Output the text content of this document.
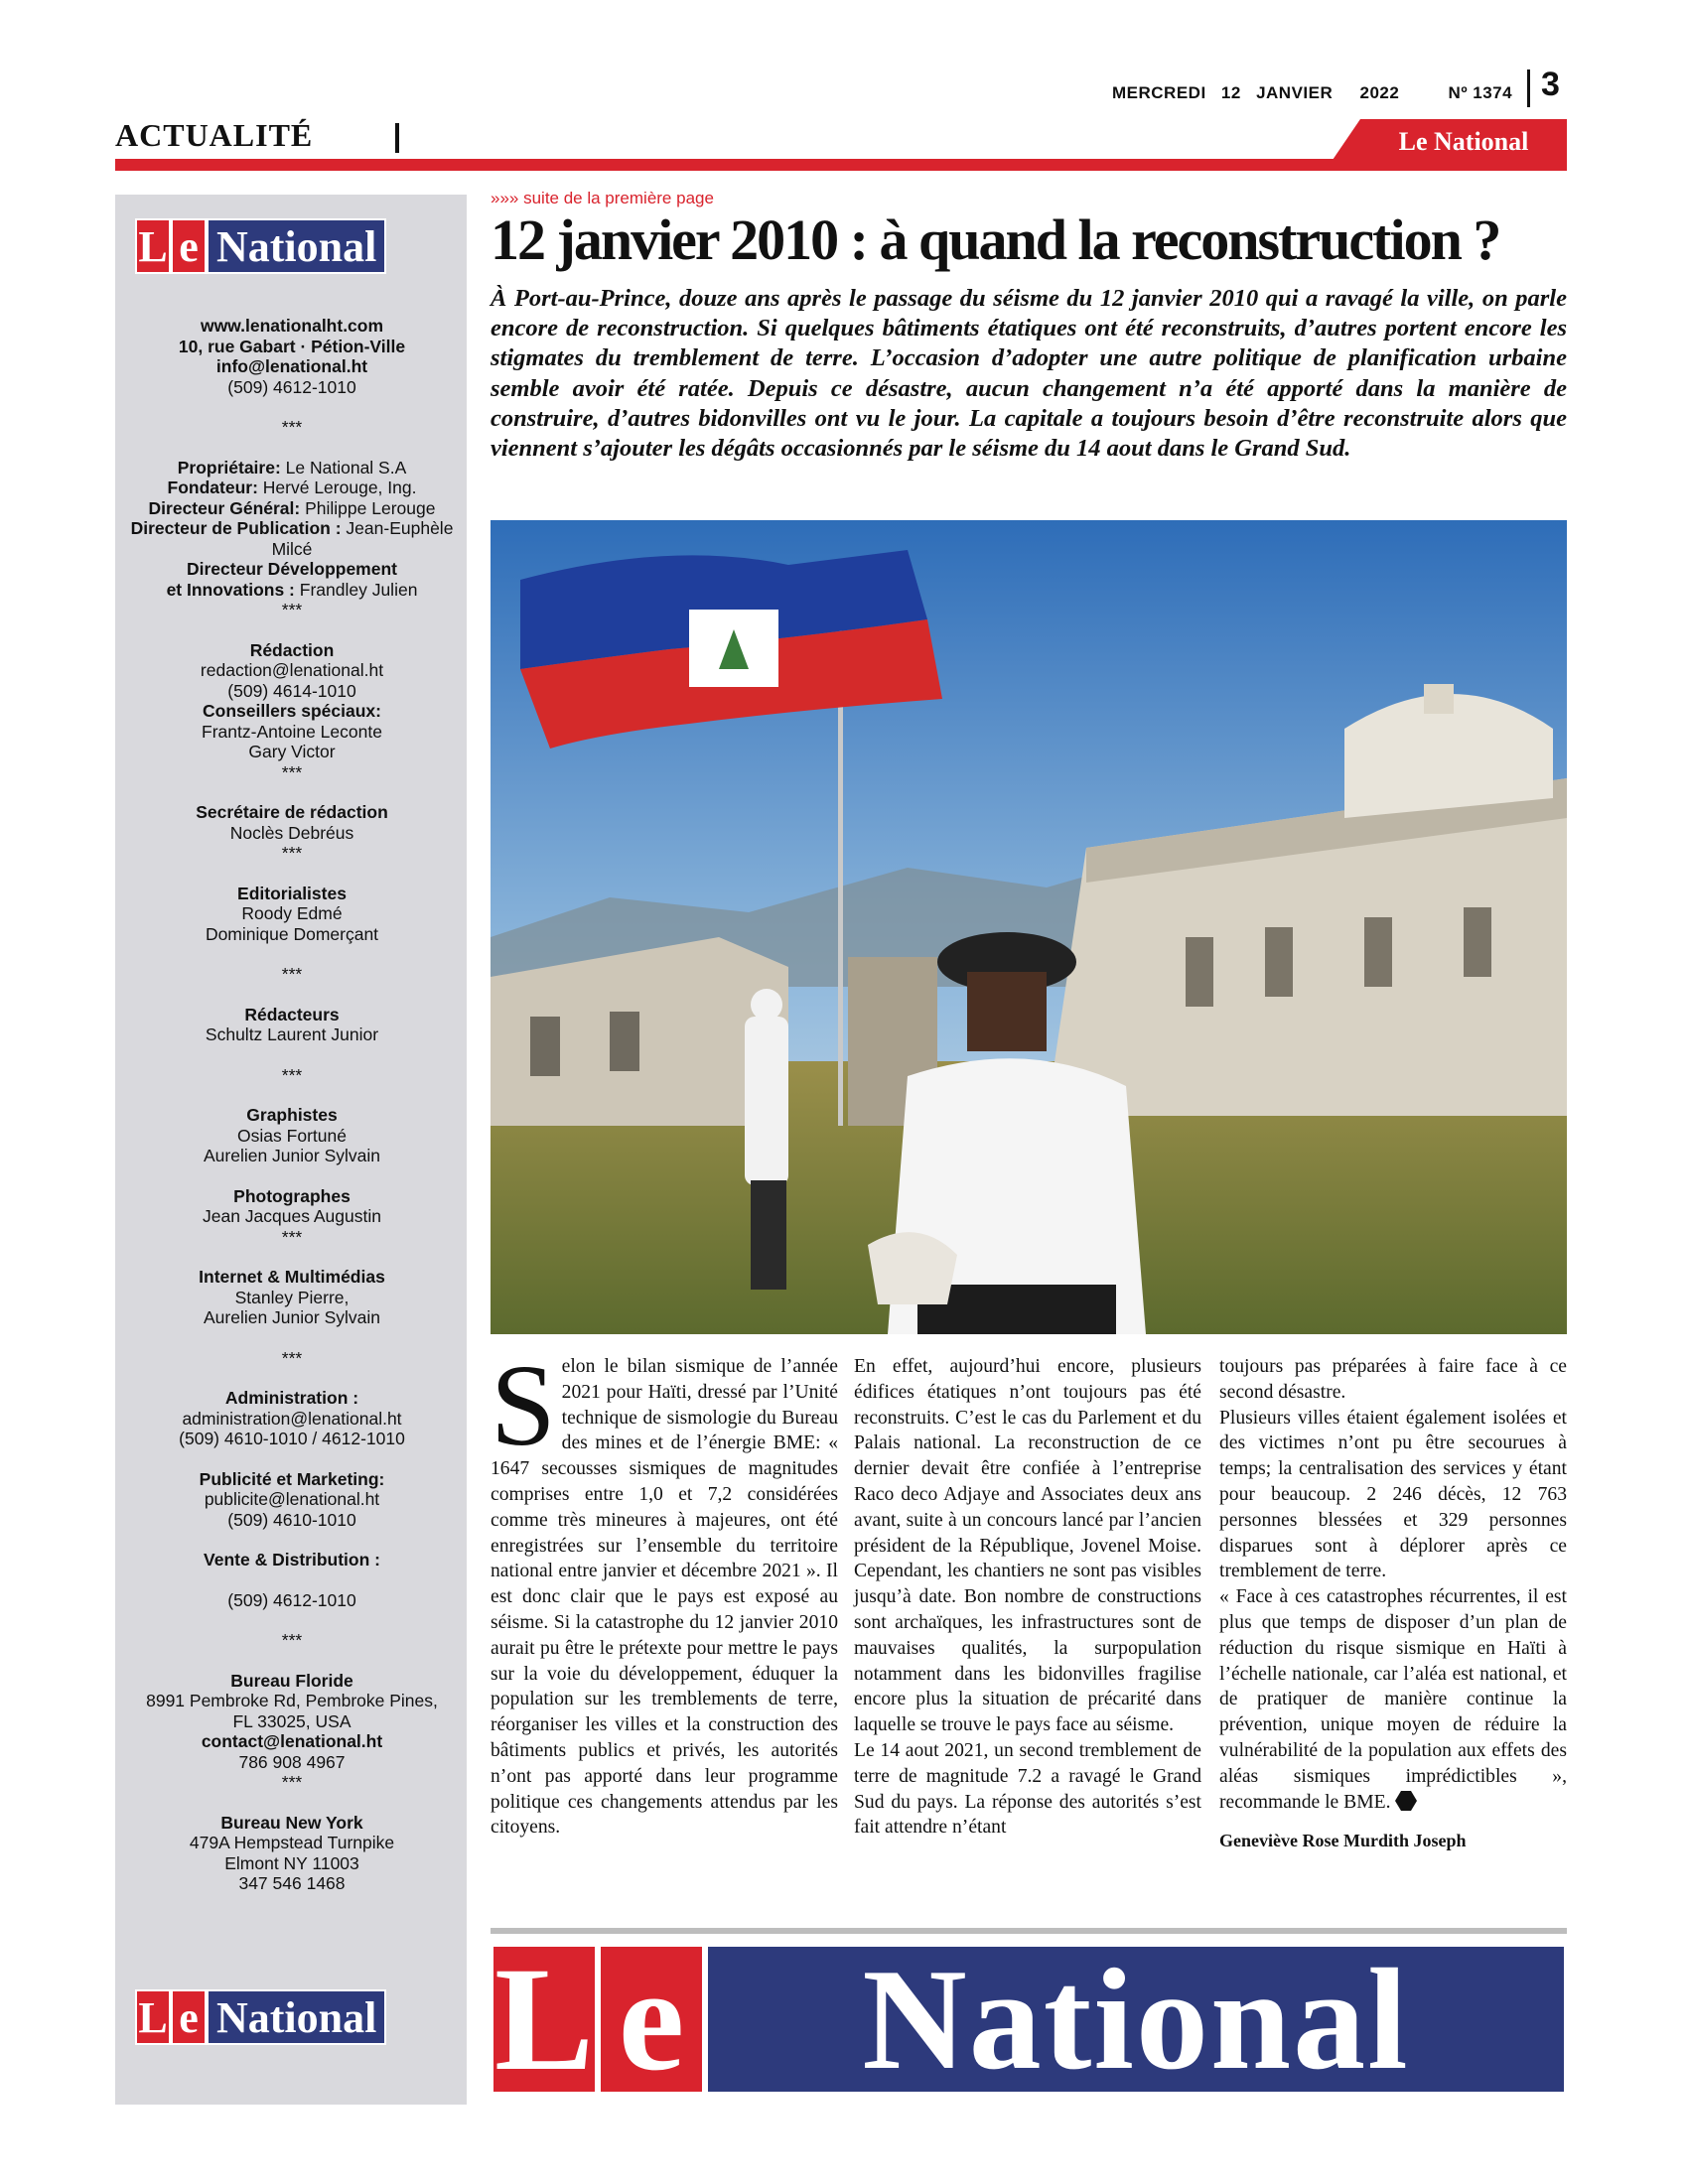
MERCREDI 12 JANVIER 2022	Nº 1374 3
ACTUALITÉ	Le National
L e National
www.lenationalht.com
10, rue Gabart · Pétion-Ville
info@lenational.ht
(509) 4612-1010
***
Propriétaire: Le National S.A
Fondateur: Hervé Lerouge, Ing.
Directeur Général: Philippe Lerouge
Directeur de Publication : Jean-Euphèle Milcé
Directeur Développement
et Innovations : Frandley Julien
***
Rédaction
redaction@lenational.ht
(509) 4614-1010
Conseillers spéciaux:
Frantz-Antoine Leconte
Gary Victor
***
Secrétaire de rédaction
Noclès Debréus
***
Editorialistes
Roody Edmé
Dominique Domerçant
***
Rédacteurs
Schultz Laurent Junior
***
Graphistes
Osias Fortuné
Aurelien Junior Sylvain
Photographes
Jean Jacques Augustin
***
Internet & Multimédias
Stanley Pierre,
Aurelien Junior Sylvain
***
Administration :
administration@lenational.ht
(509) 4610-1010 / 4612-1010
Publicité et Marketing:
publicite@lenational.ht
(509) 4610-1010
Vente & Distribution :
(509) 4612-1010
***
Bureau Floride
8991 Pembroke Rd, Pembroke Pines,
FL 33025, USA
contact@lenational.ht
786 908 4967
***
Bureau New York
479A Hempstead Turnpike
Elmont NY 11003
347 546 1468
L e National
»»» suite de la première page
12 janvier 2010 : à quand la reconstruction ?
À Port-au-Prince, douze ans après le passage du séisme du 12 janvier 2010 qui a ravagé la ville, on parle encore de reconstruction. Si quelques bâtiments étatiques ont été reconstruits, d’autres portent encore les stigmates du tremblement de terre. L’occasion d’adopter une autre politique de planification urbaine semble avoir été ratée. Depuis ce désastre, aucun changement n’a été apporté dans la manière de construire, d’autres bidonvilles ont vu le jour. La capitale a toujours besoin d’être reconstruite alors que viennent s’ajouter les dégâts occasionnés par le séisme du 14 aout dans le Grand Sud.
S elon le bilan sismique de l’année 2021 pour Haïti, dressé par l’Unité technique de sismologie du Bureau des mines et de l’énergie BME: « 1647 secousses sismiques de magnitudes comprises entre 1,0 et 7,2 considérées comme très mineures à majeures, ont été enregistrées sur l’ensemble du territoire national entre janvier et décembre 2021 ». Il est donc clair que le pays est exposé au séisme. Si la catastrophe du 12 janvier 2010 aurait pu être le prétexte pour mettre le pays sur la voie du développement, éduquer la population sur les tremblements de terre, réorganiser les villes et la construction des bâtiments publics et privés, les autorités n’ont pas apporté dans leur programme politique ces changements attendus par les citoyens.

En effet, aujourd’hui encore, plusieurs édifices étatiques n’ont toujours pas été reconstruits. C’est le cas du Parlement et du Palais national. La reconstruction de ce dernier devait être confiée à l’entreprise Raco deco Adjaye and Associates deux ans avant, suite à un concours lancé par l’ancien président de la République, Jovenel Moise. Cependant, les chantiers ne sont pas visibles jusqu’à date. Bon nombre de constructions sont archaïques, les infrastructures sont de mauvaises qualités, la surpopulation notamment dans les bidonvilles fragilise encore plus la situation de précarité dans laquelle se trouve le pays face au séisme.

Le 14 aout 2021, un second tremblement de terre de magnitude 7.2 a ravagé le Grand Sud du pays. La réponse des autorités s’est fait attendre n’étant

toujours pas préparées à faire face à ce second désastre.

Plusieurs villes étaient également isolées et des victimes n’ont pu être secourues à temps; la centralisation des services y étant pour beaucoup. 2 246 décès, 12 763 personnes blessées et 329 personnes disparues sont à déplorer après ce tremblement de terre.

« Face à ces catastrophes récurrentes, il est plus que temps de disposer d’un plan de réduction du risque sismique en Haïti à l’échelle nationale, car l’aléa est national, et de pratiquer de manière continue la prévention, unique moyen de réduire la vulnérabilité de la population aux effets des aléas sismiques imprédictibles », recommande le BME.

Geneviève Rose Murdith Joseph

L e	National
